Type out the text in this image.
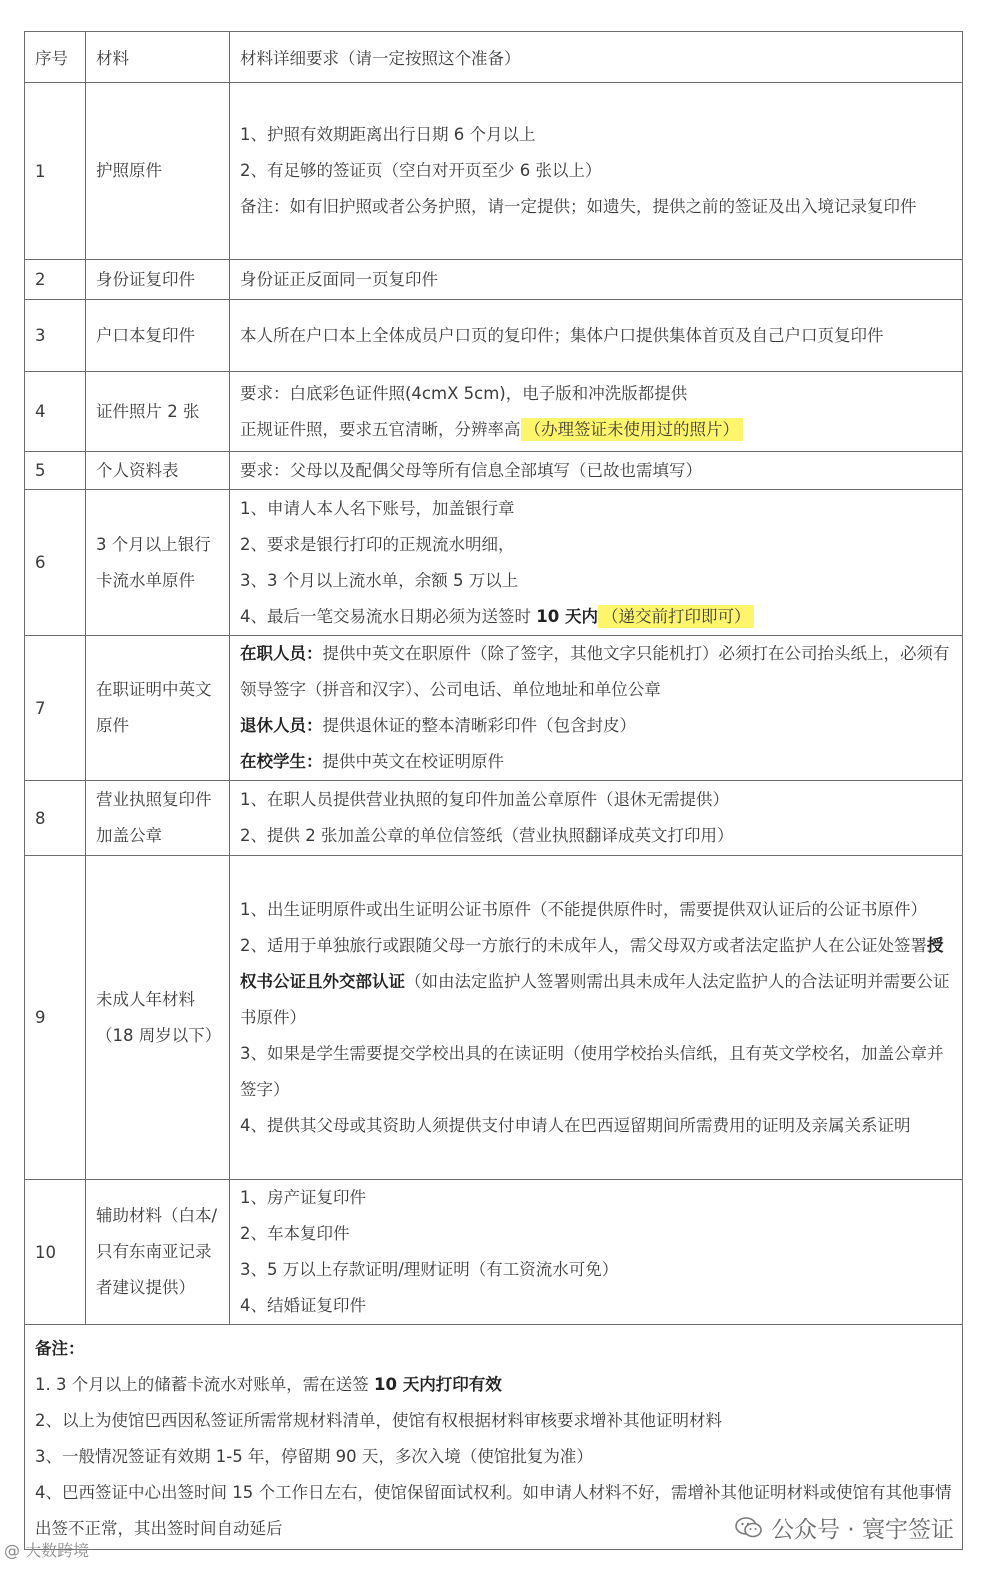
序号	材料	材料详细要求（请一定按照这个准备）
1	护照原件	1、护照有效期距离出行日期 6 个月以上
2、有足够的签证页（空白对开页至少 6 张以上）
备注：如有旧护照或者公务护照，请一定提供；如遗失，提供之前的签证及出入境记录复印件

2	身份证复印件	身份证正反面同一页复印件

3	户口本复印件	本人所在户口本上全体成员户口页的复印件；集体户口提供集体首页及自己户口页复印件

4	证件照片 2 张	要求：白底彩色证件照(4cmX 5cm)，电子版和冲洗版都提供
正规证件照，要求五官清晰，分辨率高 （办理签证未使用过的照片）

5	个人资料表	要求：父母以及配偶父母等所有信息全部填写（已故也需填写）

6	3 个月以上银行卡流水单原件	1、申请人本人名下账号，加盖银行章
2、要求是银行打印的正规流水明细，
3、3 个月以上流水单，余额 5 万以上
4、最后一笔交易流水日期必须为送签时 10 天内 （递交前打印即可）

7	在职证明中英文原件	在职人员：提供中英文在职原件（除了签字，其他文字只能机打）必须打在公司抬头纸上，必须有领导签字（拼音和汉字）、公司电话、单位地址和单位公章
退休人员：提供退休证的整本清晰彩印件（包含封皮）
在校学生：提供中英文在校证明原件

8	营业执照复印件加盖公章	1、在职人员提供营业执照的复印件加盖公章原件（退休无需提供）
2、提供 2 张加盖公章的单位信签纸（营业执照翻译成英文打印用）

9	未成人年材料（18 周岁以下）	1、出生证明原件或出生证明公证书原件（不能提供原件时，需要提供双认证后的公证书原件）
2、适用于单独旅行或跟随父母一方旅行的未成年人，需父母双方或者法定监护人在公证处签署授权书公证且外交部认证（如由法定监护人签署则需出具未成年人法定监护人的合法证明并需要公证书原件）
3、如果是学生需要提交学校出具的在读证明（使用学校抬头信纸，且有英文学校名，加盖公章并签字）
4、提供其父母或其资助人须提供支付申请人在巴西逗留期间所需费用的证明及亲属关系证明

10	辅助材料（白本/只有东南亚记录者建议提供）	1、房产证复印件
2、车本复印件
3、5 万以上存款证明/理财证明（有工资流水可免）
4、结婚证复印件

备注：
1. 3 个月以上的储蓄卡流水对账单，需在送签 10 天内打印有效
2、以上为使馆巴西因私签证所需常规材料清单，使馆有权根据材料审核要求增补其他证明材料
3、一般情况签证有效期 1-5 年，停留期 90 天，多次入境（使馆批复为准）
4、巴西签证中心出签时间 15 个工作日左右，使馆保留面试权利。如申请人材料不好，需增补其他证明材料或使馆有其他事情出签不正常，其出签时间自动延后			公众号 · 寰宇签证
@ 大数跨境
